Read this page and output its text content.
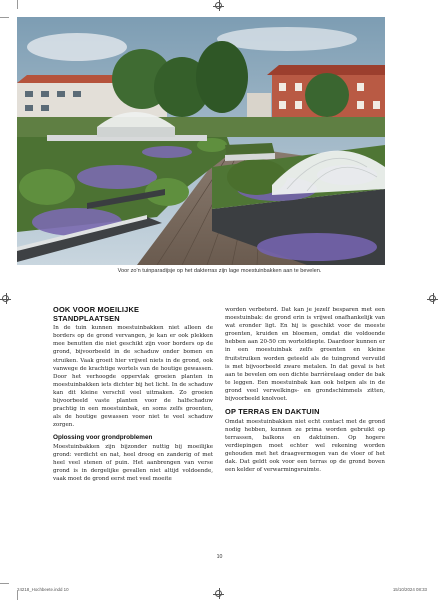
Voor zo'n tuinparadijsje op het dakterras zijn lage moestuinbakken aan te bevelen.
OOK VOOR MOEILIJKE
STANDPLAATSEN

In de tuin kunnen moestuinbakken niet alleen de borders op de grond vervangen, je kan er ook plekken mee benutten die niet geschikt zijn voor borders op de grond, bijvoorbeeld in de schaduw onder bomen en struiken. Vaak groeit hier vrijwel niets in de grond, ook vanwege de krachtige wortels van de houtige gewassen. Door het verhoogde oppervlak groeien planten in moestuinbakken iets dichter bij het licht. In de schaduw kan dit kleine verschil veel uitmaken. Zo groeien bijvoorbeeld vaste planten voor de halfschaduw prachtig in een moestuinbak, en soms zelfs groenten, als de houtige gewassen voor niet te veel schaduw zorgen.

Oplossing voor grondproblemen

Moestuinbakken zijn bijzonder nuttig bij moeilijke grond: verdicht en nat, heel droog en zanderig of met heel veel stenen of puin. Het aanbrengen van verse grond is in dergelijke gevallen niet altijd voldoende, vaak moet de grond eerst met veel moeite

worden verbeterd. Dat kan je jezelf besparen met een moestuinbak: de grond erin is vrijwel onafhankelijk van wat eronder ligt. En hij is geschikt voor de meeste groenten, kruiden en bloemen, omdat die voldoende hebben aan 20-50 cm worteldiepte. Daardoor kunnen er in een moestuinbak zelfs groenten en kleine fruitstruiken worden geteeld als de tuingrond vervuild is met bijvoorbeeld zware metalen. In dat geval is het aan te bevelen om een dichte barrièrelaag onder de bak te leggen. Een moestuinbak kan ook helpen als in de grond veel verwelkings- en grondschimmels zitten, bijvoorbeeld knolvoet.

OP TERRAS EN DAKTUIN

Omdat moestuinbakken niet echt contact met de grond nodig hebben, kunnen ze prima worden gebruikt op terrassen, balkons en daktuinen. Op hogere verdiepingen moet echter wel rekening worden gehouden met het draagvermogen van de vloer of het dak. Dat geldt ook voor een terras op de grond boven een kelder of verwarmingsruimte.

10
24218_Hochbeete.indd 10	15/10/2024 08:33
